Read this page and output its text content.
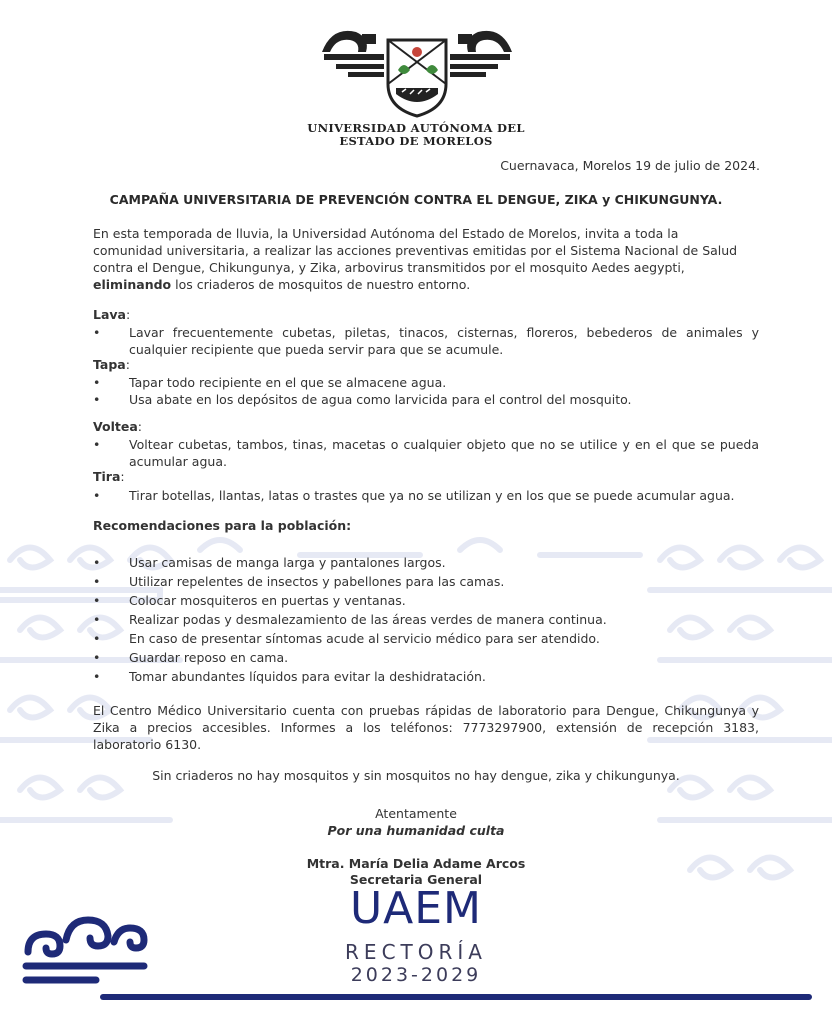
UNIVERSIDAD AUTÓNOMA DEL
ESTADO DE MORELOS
Cuernavaca, Morelos 19 de julio de 2024.
CAMPAÑA UNIVERSITARIA DE PREVENCIÓN CONTRA EL DENGUE, ZIKA y CHIKUNGUNYA.
En esta temporada de lluvia, la Universidad Autónoma del Estado de Morelos, invita a toda la
comunidad universitaria, a realizar las acciones preventivas emitidas por el Sistema Nacional de Salud
contra el Dengue, Chikungunya, y Zika, arbovirus transmitidos por el mosquito Aedes aegypti,
eliminando los criaderos de mosquitos de nuestro entorno.
Lava:
• Lavar frecuentemente cubetas, piletas, tinacos, cisternas, floreros, bebederos de animales y cualquier recipiente que pueda servir para que se acumule.
Tapa:
• Tapar todo recipiente en el que se almacene agua.
• Usa abate en los depósitos de agua como larvicida para el control del mosquito.
Voltea:
• Voltear cubetas, tambos, tinas, macetas o cualquier objeto que no se utilice y en el que se pueda acumular agua.
Tira:
• Tirar botellas, llantas, latas o trastes que ya no se utilizan y en los que se puede acumular agua.
Recomendaciones para la población:
• Usar camisas de manga larga y pantalones largos.
• Utilizar repelentes de insectos y pabellones para las camas.
• Colocar mosquiteros en puertas y ventanas.
• Realizar podas y desmalezamiento de las áreas verdes de manera continua.
• En caso de presentar síntomas acude al servicio médico para ser atendido.
• Guardar reposo en cama.
• Tomar abundantes líquidos para evitar la deshidratación.
El Centro Médico Universitario cuenta con pruebas rápidas de laboratorio para Dengue, Chikungunya y Zika a precios accesibles. Informes a los teléfonos: 7773297900, extensión de recepción 3183, laboratorio 6130.
Sin criaderos no hay mosquitos y sin mosquitos no hay dengue, zika y chikungunya.
Atentamente
Por una humanidad culta
Mtra. María Delia Adame Arcos
Secretaria General
UAEM
RECTORÍA
2023-2029
